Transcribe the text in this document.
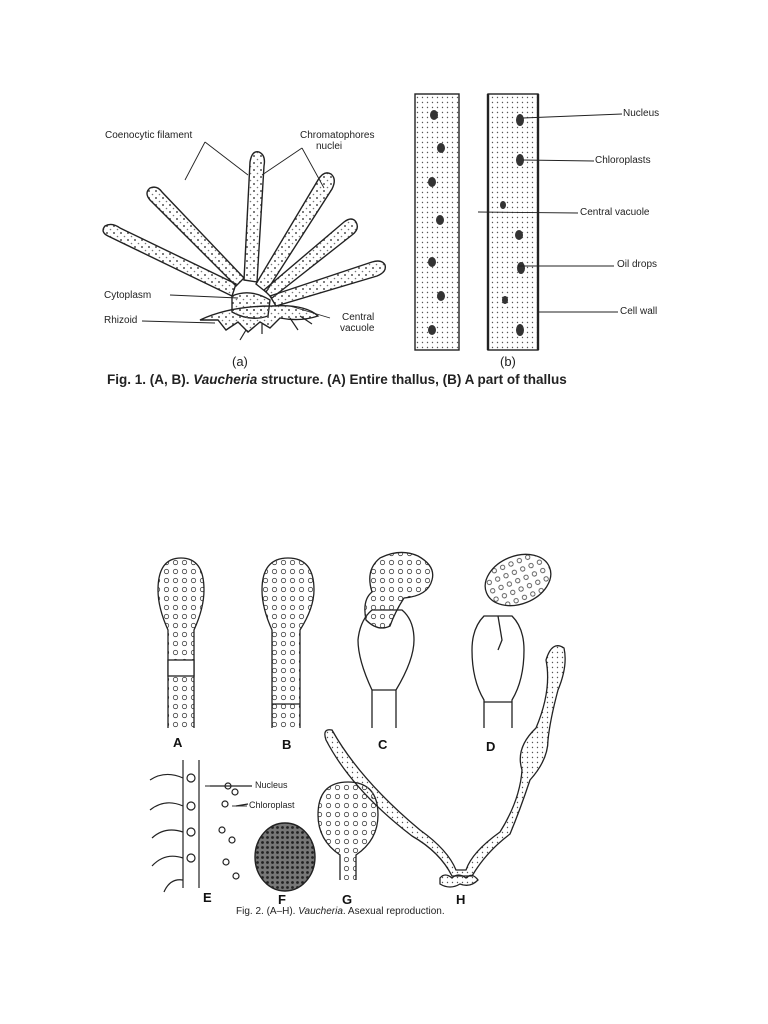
Coenocytic filament	Chromatophores
nuclei
Cytoplasm
Rhizoid	Central
vacuole
Nucleus
Chloroplasts
Central vacuole
Oil drops
Cell wall
(a)	(b)
Fig. 1. (A, B). Vaucheria structure. (A) Entire thallus, (B) A part of thallus
A	B	C	D
E	F	G	H
Nucleus
Chloroplast
Fig. 2. (A–H). Vaucheria. Asexual reproduction.
